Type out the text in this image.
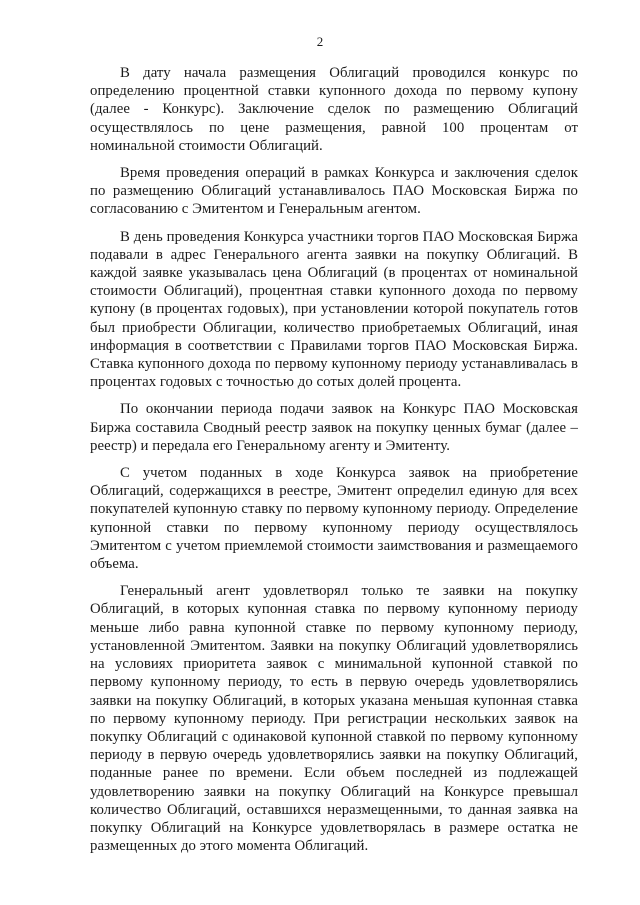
2

В дату начала размещения Облигаций проводился конкурс по определению процентной ставки купонного дохода по первому купону (далее - Конкурс). Заключение сделок по размещению Облигаций осуществлялось по цене размещения, равной 100 процентам от номинальной стоимости Облигаций.

Время проведения операций в рамках Конкурса и заключения сделок по размещению Облигаций устанавливалось ПАО Московская Биржа по согласованию с Эмитентом и Генеральным агентом.

В день проведения Конкурса участники торгов ПАО Московская Биржа подавали в адрес Генерального агента заявки на покупку Облигаций. В каждой заявке указывалась цена Облигаций (в процентах от номинальной стоимости Облигаций), процентная ставки купонного дохода по первому купону (в процентах годовых), при установлении которой покупатель готов был приобрести Облигации, количество приобретаемых Облигаций, иная информация в соответствии с Правилами торгов ПАО Московская Биржа. Ставка купонного дохода по первому купонному периоду устанавливалась в процентах годовых с точностью до сотых долей процента.

По окончании периода подачи заявок на Конкурс ПАО Московская Биржа составила Сводный реестр заявок на покупку ценных бумаг (далее – реестр) и передала его Генеральному агенту и Эмитенту.

С учетом поданных в ходе Конкурса заявок на приобретение Облигаций, содержащихся в реестре, Эмитент определил единую для всех покупателей купонную ставку по первому купонному периоду. Определение купонной ставки по первому купонному периоду осуществлялось Эмитентом с учетом приемлемой стоимости заимствования и размещаемого объема.

Генеральный агент удовлетворял только те заявки на покупку Облигаций, в которых купонная ставка по первому купонному периоду меньше либо равна купонной ставке по первому купонному периоду, установленной Эмитентом. Заявки на покупку Облигаций удовлетворялись на условиях приоритета заявок с минимальной купонной ставкой по первому купонному периоду, то есть в первую очередь удовлетворялись заявки на покупку Облигаций, в которых указана меньшая купонная ставка по первому купонному периоду. При регистрации нескольких заявок на покупку Облигаций с одинаковой купонной ставкой по первому купонному периоду в первую очередь удовлетворялись заявки на покупку Облигаций, поданные ранее по времени. Если объем последней из подлежащей удовлетворению заявки на покупку Облигаций на Конкурсе превышал количество Облигаций, оставшихся неразмещенными, то данная заявка на покупку Облигаций на Конкурсе удовлетворялась в размере остатка не размещенных до этого момента Облигаций.
